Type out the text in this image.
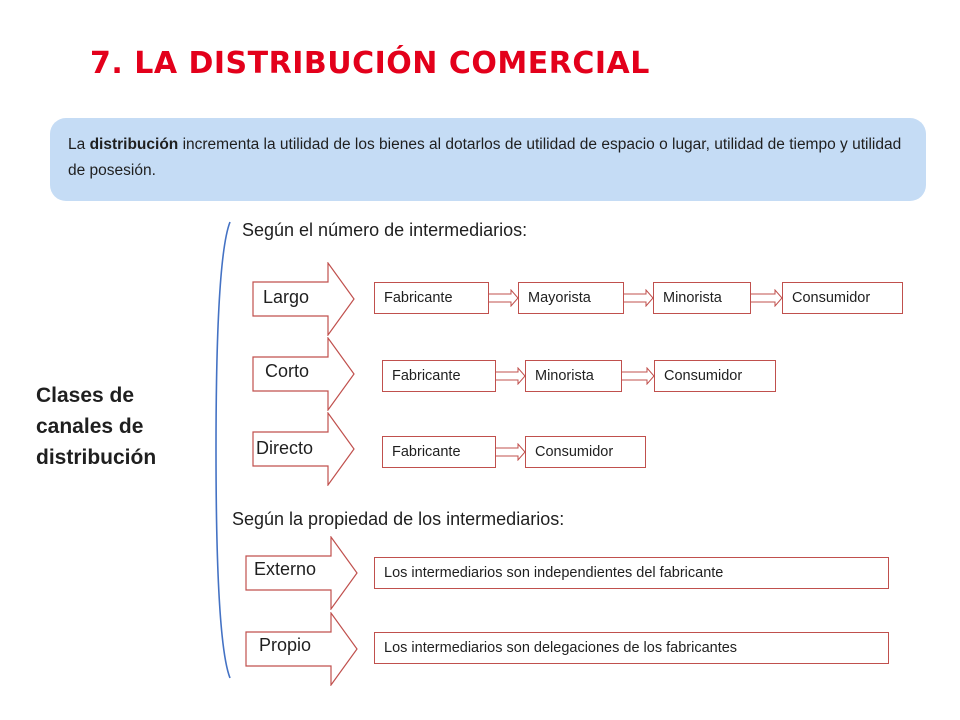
7. LA DISTRIBUCIÓN COMERCIAL
La distribución incrementa la utilidad de los bienes al dotarlos de utilidad de espacio o lugar, utilidad de tiempo y utilidad de posesión.
Según el número de intermediarios:
Clases de
canales de
distribución
Largo
Corto
Directo
Fabricante	Mayorista	Minorista	Consumidor
Fabricante	Minorista	Consumidor
Fabricante	Consumidor
Según la propiedad de los intermediarios:
Externo
Propio
Los intermediarios son independientes del fabricante
Los intermediarios son delegaciones de los fabricantes
